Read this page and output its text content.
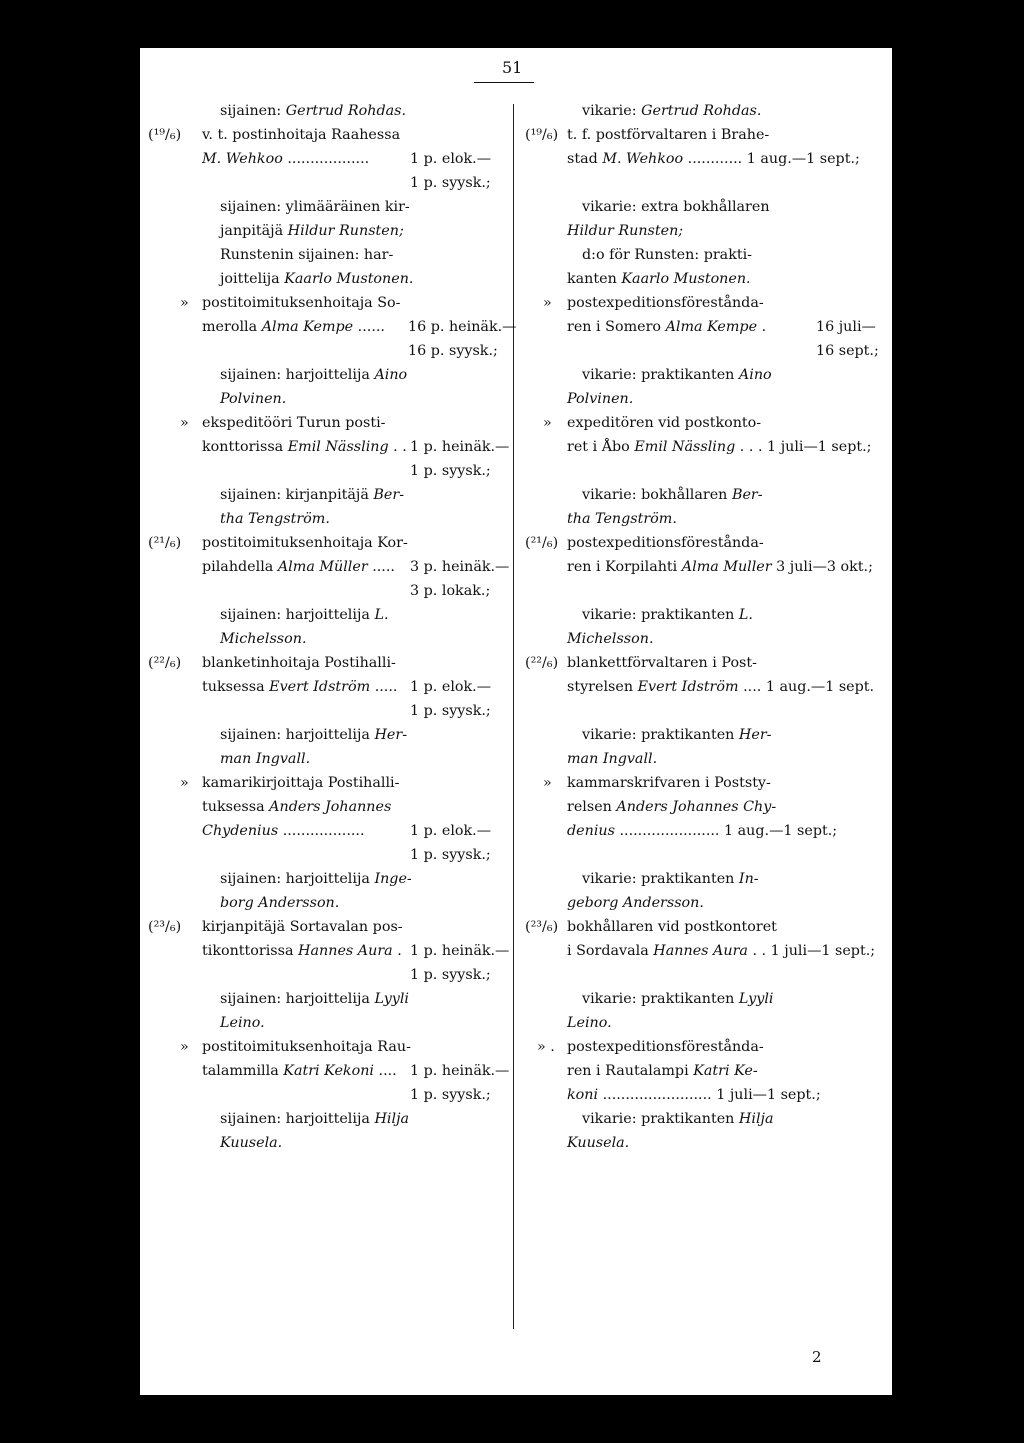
51
sijainen: Gertrud Rohdas.
(¹⁹/₆) v. t. postinhoitaja Raahessa
M. Wehkoo ..................	1 p. elok.—
1 p. syysk.;
sijainen: ylimääräinen kir-
janpitäjä Hildur Runsten;
Runstenin sijainen: har-
joittelija Kaarlo Mustonen.
» postitoimituksenhoitaja So-
merolla Alma Kempe ...... 16 p. heinäk.—
16 p. syysk.;
sijainen: harjoittelija Aino
Polvinen.
» ekspeditööri Turun posti-
konttorissa Emil Nässling . . 1 p. heinäk.—
1 p. syysk.;
sijainen: kirjanpitäjä Ber-
tha Tengström.
(²¹/₆) postitoimituksenhoitaja Kor-
pilahdella Alma Müller ..... 3 p. heinäk.—
3 p. lokak.;
sijainen: harjoittelija L.
Michelsson.
(²²/₆) blanketinhoitaja Postihalli-
tuksessa Evert Idström ..... 1 p. elok.—
1 p. syysk.;
sijainen: harjoittelija Her-
man Ingvall.
» kamarikirjoittaja Postihalli-
tuksessa Anders Johannes
Chydenius ..................	1 p. elok.—
1 p. syysk.;
sijainen: harjoittelija Inge-
borg Andersson.
(²³/₆) kirjanpitäjä Sortavalan pos-
tikonttorissa Hannes Aura . 1 p. heinäk.—
1 p. syysk.;
sijainen: harjoittelija Lyyli
Leino.
» postitoimituksenhoitaja Rau-
talammilla Katri Kekoni .... 1 p. heinäk.—
1 p. syysk.;
sijainen: harjoittelija Hilja
Kuusela.
vikarie: Gertrud Rohdas.
(¹⁹/₆) t. f. postförvaltaren i Brahe-
stad M. Wehkoo ............ 1 aug.—1 sept.;
vikarie: extra bokhållaren
Hildur Runsten;
d:o för Runsten: prakti-
kanten Kaarlo Mustonen.
» postexpeditionsförestånda-
ren i Somero Alma Kempe .	16 juli—
16 sept.;
vikarie: praktikanten Aino
Polvinen.
» expeditören vid postkonto-
ret i Åbo Emil Nässling . . . 1 juli—1 sept.;
vikarie: bokhållaren Ber-
tha Tengström.
(²¹/₆) postexpeditionsförestånda-
ren i Korpilahti Alma Muller 3 juli—3 okt.;
vikarie: praktikanten L.
Michelsson.
(²²/₆) blankettförvaltaren i Post-
styrelsen Evert Idström .... 1 aug.—1 sept.
vikarie: praktikanten Her-
man Ingvall.
» kammarskrifvaren i Poststy-
relsen Anders Johannes Chy-
denius ...................... 1 aug.—1 sept.;
vikarie: praktikanten In-
geborg Andersson.
(²³/₆) bokhållaren vid postkontoret
i Sordavala Hannes Aura . . 1 juli—1 sept.;
vikarie: praktikanten Lyyli
Leino.
» . postexpeditionsförestånda-
ren i Rautalampi Katri Ke-
koni ........................ 1 juli—1 sept.;
vikarie: praktikanten Hilja
Kuusela.
2
